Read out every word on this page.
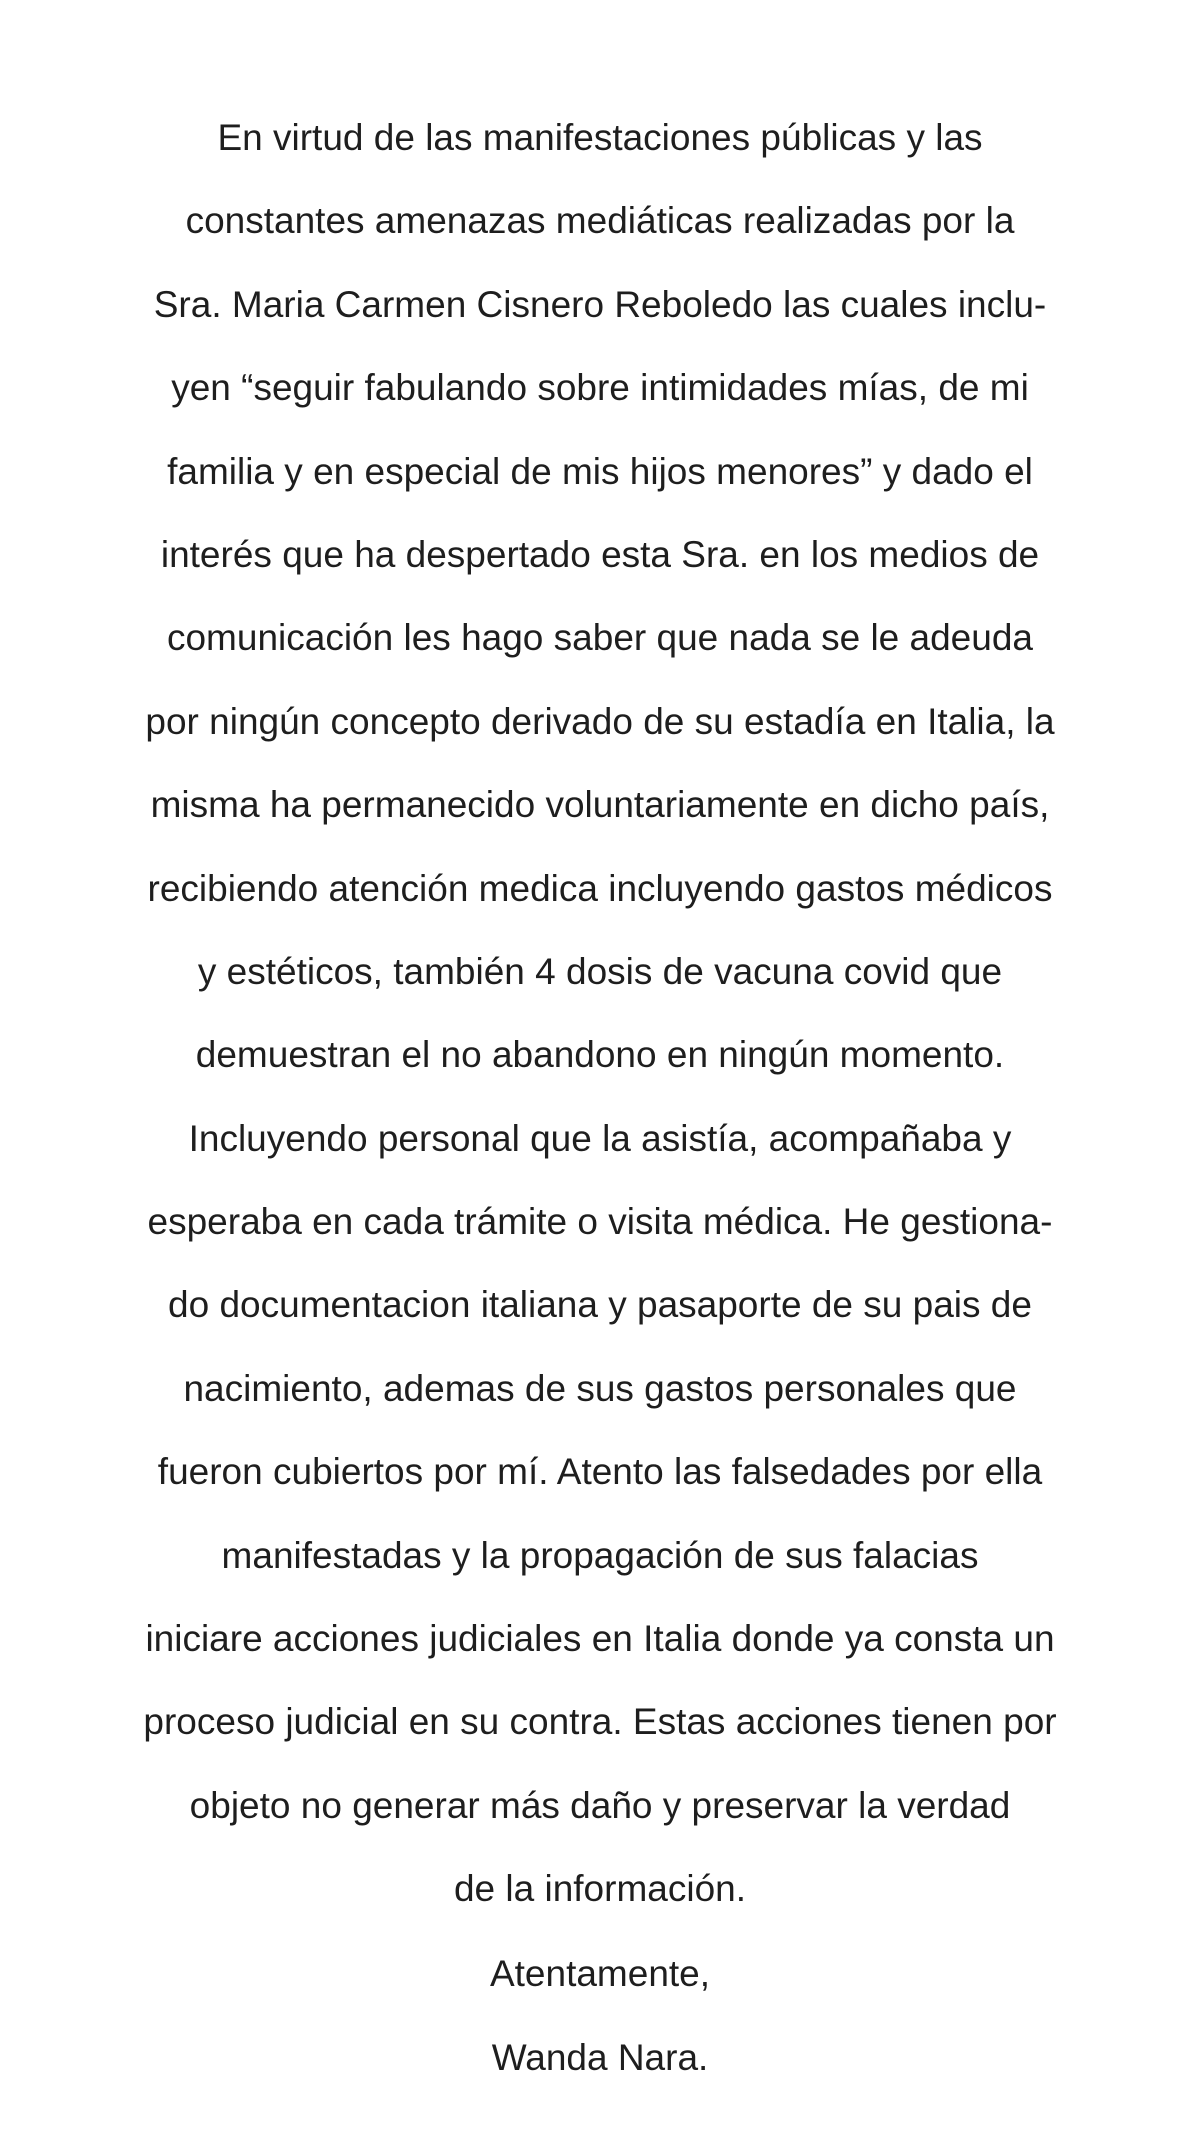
En virtud de las manifestaciones públicas y las

constantes amenazas mediáticas realizadas por la

Sra. Maria Carmen Cisnero Reboledo las cuales inclu-

yen “seguir fabulando sobre intimidades mías, de mi

familia y en especial de mis hijos menores” y dado el

interés que ha despertado esta Sra. en los medios de

comunicación les hago saber que nada se le adeuda

por ningún concepto derivado de su estadía en Italia, la

misma ha permanecido voluntariamente en dicho país,

recibiendo atención medica incluyendo gastos médicos

y estéticos, también 4 dosis de vacuna covid que

demuestran el no abandono en ningún momento.

Incluyendo personal que la asistía, acompañaba y

esperaba en cada trámite o visita médica. He gestiona-

do documentacion italiana y pasaporte de su pais de

nacimiento, ademas de sus gastos personales que

fueron cubiertos por mí. Atento las falsedades por ella

manifestadas y la propagación de sus falacias

iniciare acciones judiciales en Italia donde ya consta un

proceso judicial en su contra. Estas acciones tienen por

objeto no generar más daño y preservar la verdad

de la información.

Atentamente,

Wanda Nara.
